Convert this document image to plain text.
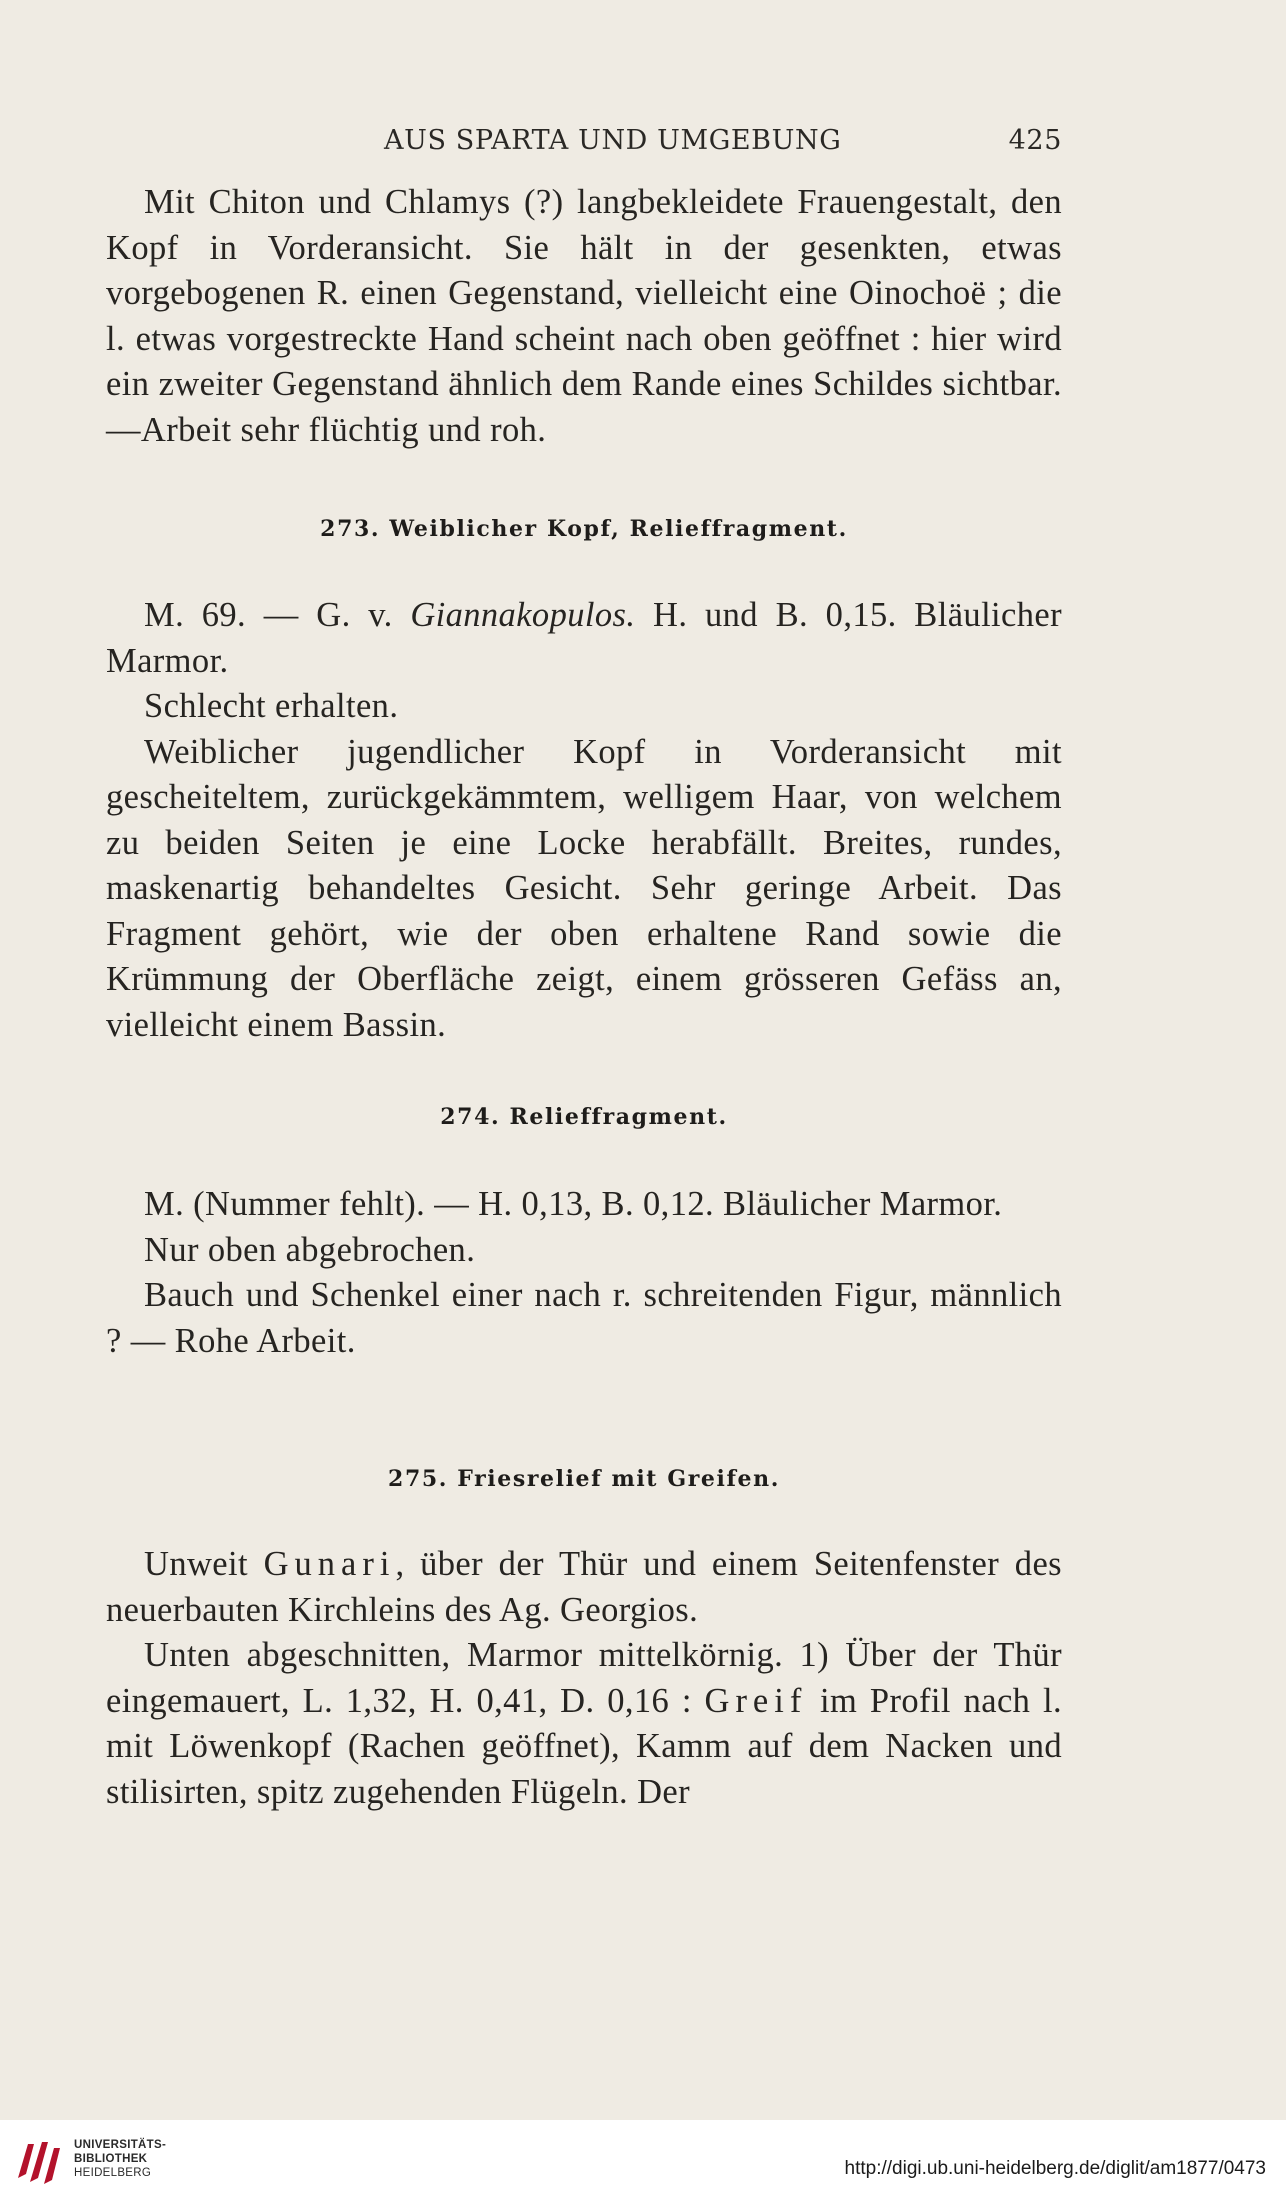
AUS SPARTA UND UMGEBUNG	425

Mit Chiton und Chlamys (?) langbekleidete Frauengestalt, den Kopf in Vorderansicht. Sie hält in der gesenkten, etwas vorgebogenen R. einen Gegenstand, vielleicht eine Oinochoë ; die l. etwas vorgestreckte Hand scheint nach oben geöffnet : hier wird ein zweiter Gegenstand ähnlich dem Rande eines Schildes sichtbar. —Arbeit sehr flüchtig und roh.

273. Weiblicher Kopf, Relieffragment.

M. 69. — G. v. Giannakopulos. H. und B. 0,15. Bläulicher Marmor.

Schlecht erhalten.

Weiblicher jugendlicher Kopf in Vorderansicht mit gescheiteltem, zurückgekämmtem, welligem Haar, von welchem zu beiden Seiten je eine Locke herabfällt. Breites, rundes, maskenartig behandeltes Gesicht. Sehr geringe Arbeit. Das Fragment gehört, wie der oben erhaltene Rand sowie die Krümmung der Oberfläche zeigt, einem grösseren Gefäss an, vielleicht einem Bassin.

274. Relieffragment.

M. (Nummer fehlt). — H. 0,13, B. 0,12. Bläulicher Marmor.

Nur oben abgebrochen.

Bauch und Schenkel einer nach r. schreitenden Figur, männlich ? — Rohe Arbeit.

275. Friesrelief mit Greifen.

Unweit Gunari, über der Thür und einem Seitenfenster des neuerbauten Kirchleins des Ag. Georgios.

Unten abgeschnitten, Marmor mittelkörnig. 1) Über der Thür eingemauert, L. 1,32, H. 0,41, D. 0,16 : Greif im Profil nach l. mit Löwenkopf (Rachen geöffnet), Kamm auf dem Nacken und stilisirten, spitz zugehenden Flügeln. Der

UNIVERSITÄTS-
BIBLIOTHEK
HEIDELBERG	http://digi.ub.uni-heidelberg.de/diglit/am1877/0473
